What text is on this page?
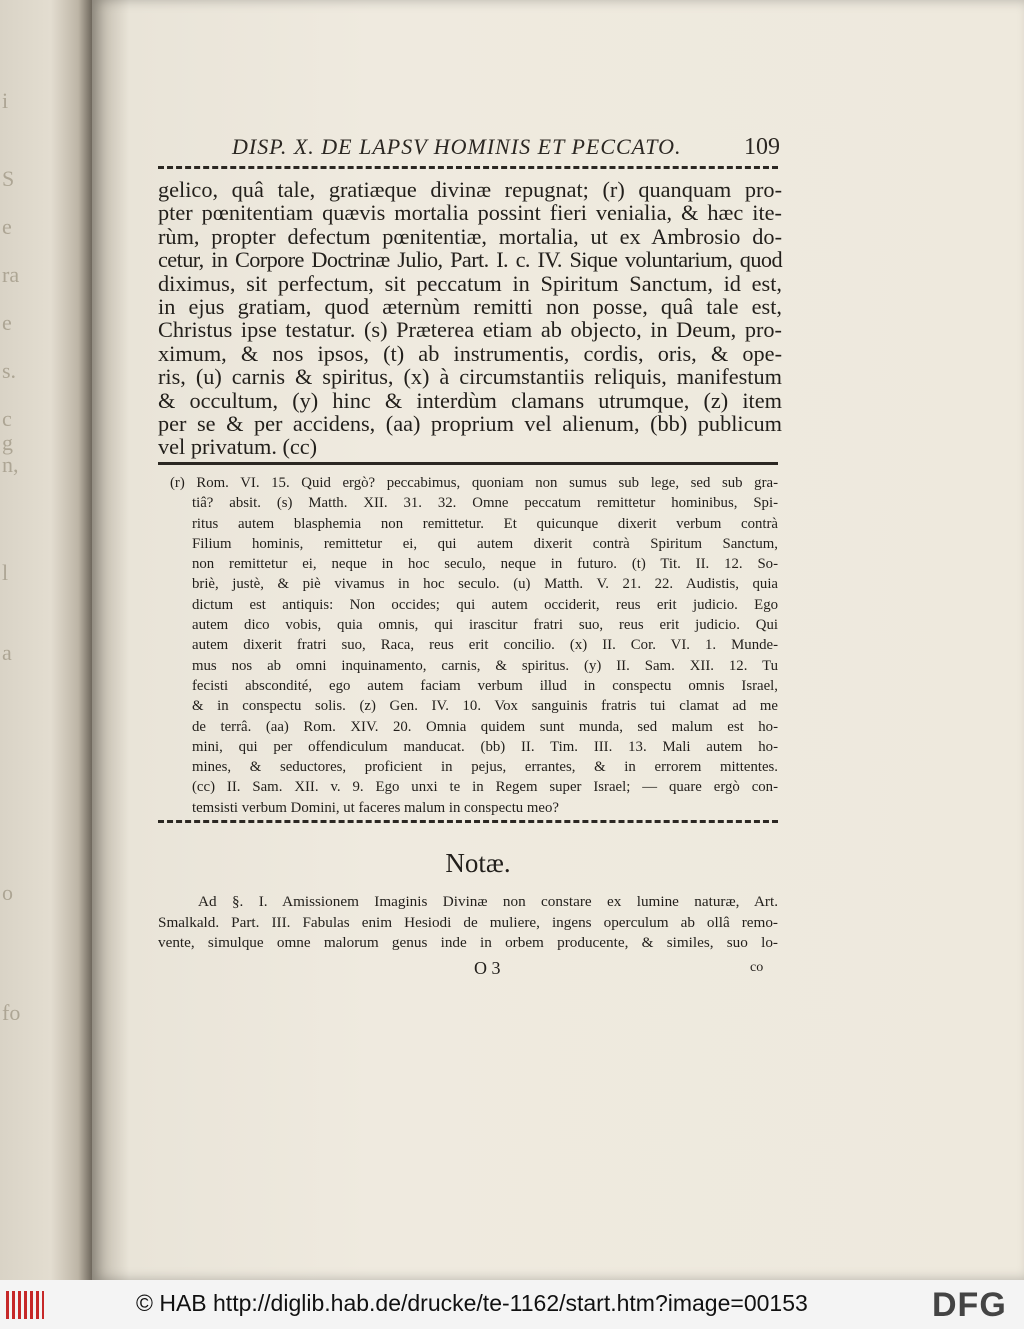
i
S
e
ra
e
s.
c
g
n,
l
a
o
fo
DISP. X. DE LAPSV HOMINIS ET PECCATO.	109
gelico, quâ tale, gratiæque divinæ repugnat; (r) quanquam pro-
pter pœnitentiam quævis mortalia possint fieri venialia, & hæc ite-
rùm, propter defectum pœnitentiæ, mortalia, ut ex Ambrosio do-
cetur, in Corpore Doctrinæ Julio, Part. I. c. IV. Sique voluntarium, quod
diximus, sit perfectum, sit peccatum in Spiritum Sanctum, id est,
in ejus gratiam, quod æternùm remitti non posse, quâ tale est,
Christus ipse testatur. (s) Præterea etiam ab objecto, in Deum, pro-
ximum, & nos ipsos, (t) ab instrumentis, cordis, oris, & ope-
ris, (u) carnis & spiritus, (x) à circumstantiis reliquis, manifestum
& occultum, (y) hinc & interdùm clamans utrumque, (z) item
per se & per accidens, (aa) proprium vel alienum, (bb) publicum
vel privatum. (cc)
(r) Rom. VI. 15. Quid ergò? peccabimus, quoniam non sumus sub lege, sed sub gra-
tiâ? absit. (s) Matth. XII. 31. 32. Omne peccatum remittetur hominibus, Spi-
ritus autem blasphemia non remittetur. Et quicunque dixerit verbum contrà
Filium hominis, remittetur ei, qui autem dixerit contrà Spiritum Sanctum,
non remittetur ei, neque in hoc seculo, neque in futuro. (t) Tit. II. 12. So-
briè, justè, & piè vivamus in hoc seculo. (u) Matth. V. 21. 22. Audistis, quia
dictum est antiquis: Non occides; qui autem occiderit, reus erit judicio. Ego
autem dico vobis, quia omnis, qui irascitur fratri suo, reus erit judicio. Qui
autem dixerit fratri suo, Raca, reus erit concilio. (x) II. Cor. VI. 1. Munde-
mus nos ab omni inquinamento, carnis, & spiritus. (y) II. Sam. XII. 12. Tu
fecisti abscondité, ego autem faciam verbum illud in conspectu omnis Israel,
& in conspectu solis. (z) Gen. IV. 10. Vox sanguinis fratris tui clamat ad me
de terrâ. (aa) Rom. XIV. 20. Omnia quidem sunt munda, sed malum est ho-
mini, qui per offendiculum manducat. (bb) II. Tim. III. 13. Mali autem ho-
mines, & seductores, proficient in pejus, errantes, & in errorem mittentes.
(cc) II. Sam. XII. v. 9. Ego unxi te in Regem super Israel; — quare ergò con-
temsisti verbum Domini, ut faceres malum in conspectu meo?
Notæ.
Ad §. I. Amissionem Imaginis Divinæ non constare ex lumine naturæ, Art.
Smalkald. Part. III. Fabulas enim Hesiodi de muliere, ingens operculum ab ollâ remo-
vente, simulque omne malorum genus inde in orbem producente, & similes, suo lo-
O 3	co
© HAB http://diglib.hab.de/drucke/te-1162/start.htm?image=00153	DFG
